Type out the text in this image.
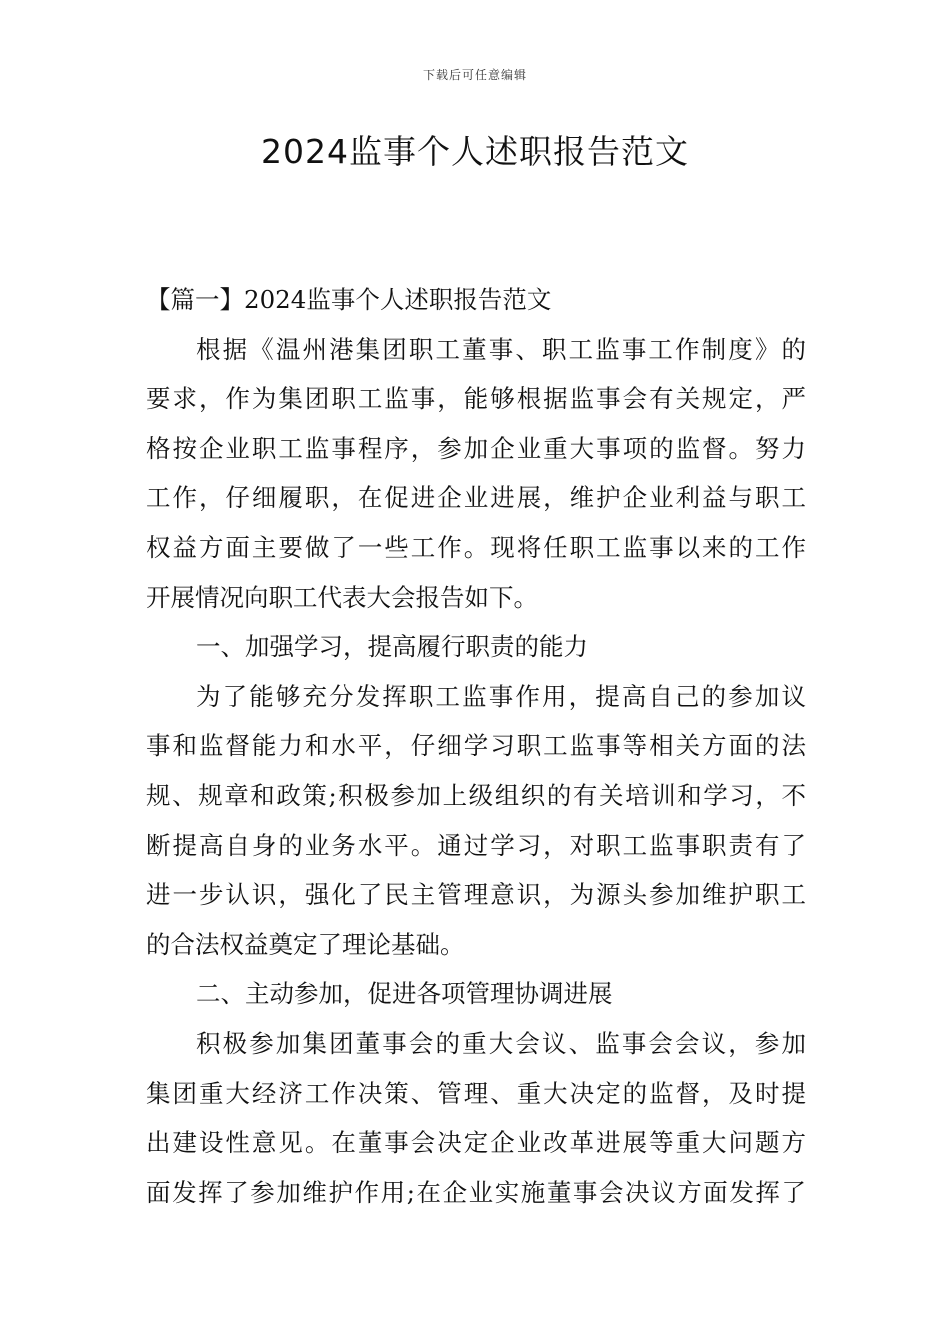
下载后可任意编辑
2024监事个人述职报告范文
【篇一】2024监事个人述职报告范文
根据《温州港集团职工董事、职工监事工作制度》的
要求，作为集团职工监事，能够根据监事会有关规定，严
格按企业职工监事程序，参加企业重大事项的监督。努力
工作，仔细履职，在促进企业进展，维护企业利益与职工
权益方面主要做了一些工作。现将任职工监事以来的工作
开展情况向职工代表大会报告如下。
一、加强学习，提高履行职责的能力
为了能够充分发挥职工监事作用，提高自己的参加议
事和监督能力和水平，仔细学习职工监事等相关方面的法
规、规章和政策;积极参加上级组织的有关培训和学习，不
断提高自身的业务水平。通过学习，对职工监事职责有了
进一步认识，强化了民主管理意识，为源头参加维护职工
的合法权益奠定了理论基础。
二、主动参加，促进各项管理协调进展
积极参加集团董事会的重大会议、监事会会议，参加
集团重大经济工作决策、管理、重大决定的监督，及时提
出建设性意见。在董事会决定企业改革进展等重大问题方
面发挥了参加维护作用;在企业实施董事会决议方面发挥了
